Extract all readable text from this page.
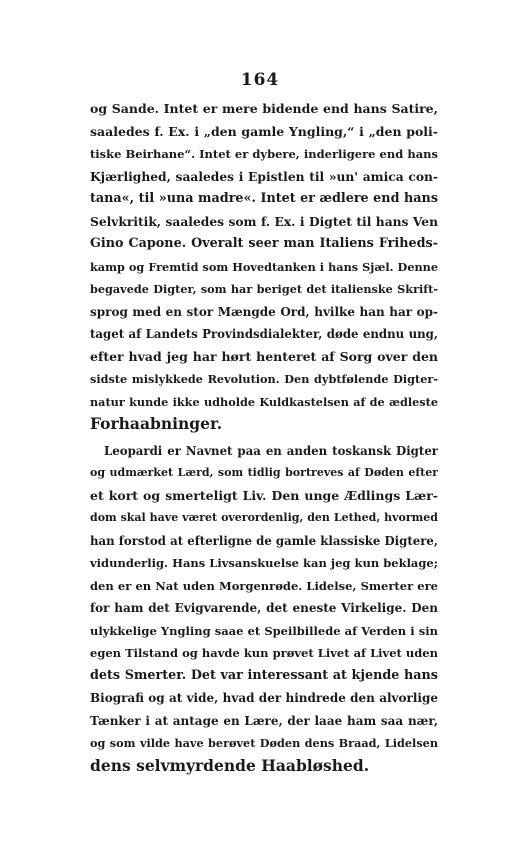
164
og Sande. Intet er mere bidende end hans Satire,
saaledes f. Ex. i „den gamle Yngling,“ i „den poli-
tiske Beirhane“. Intet er dybere, inderligere end hans
Kjærlighed, saaledes i Epistlen til »un' amica con-
tana«, til »una madre«. Intet er ædlere end hans
Selvkritik, saaledes som f. Ex. i Digtet til hans Ven
Gino Capone. Overalt seer man Italiens Friheds-
kamp og Fremtid som Hovedtanken i hans Sjæl. Denne
begavede Digter, som har beriget det italienske Skrift-
sprog med en stor Mængde Ord, hvilke han har op-
taget af Landets Provindsdialekter, døde endnu ung,
efter hvad jeg har hørt henteret af Sorg over den
sidste mislykkede Revolution. Den dybtfølende Digter-
natur kunde ikke udholde Kuldkastelsen af de ædleste
Forhaabninger.
Leopardi er Navnet paa en anden toskansk Digter
og udmærket Lærd, som tidlig bortreves af Døden efter
et kort og smerteligt Liv. Den unge Ædlings Lær-
dom skal have været overordenlig, den Lethed, hvormed
han forstod at efterligne de gamle klassiske Digtere,
vidunderlig. Hans Livsanskuelse kan jeg kun beklage;
den er en Nat uden Morgenrøde. Lidelse, Smerter ere
for ham det Evigvarende, det eneste Virkelige. Den
ulykkelige Yngling saae et Speilbillede af Verden i sin
egen Tilstand og havde kun prøvet Livet af Livet uden
dets Smerter. Det var interessant at kjende hans
Biografi og at vide, hvad der hindrede den alvorlige
Tænker i at antage en Lære, der laae ham saa nær,
og som vilde have berøvet Døden dens Braad, Lidelsen
dens selvmyrdende Haabløshed.
